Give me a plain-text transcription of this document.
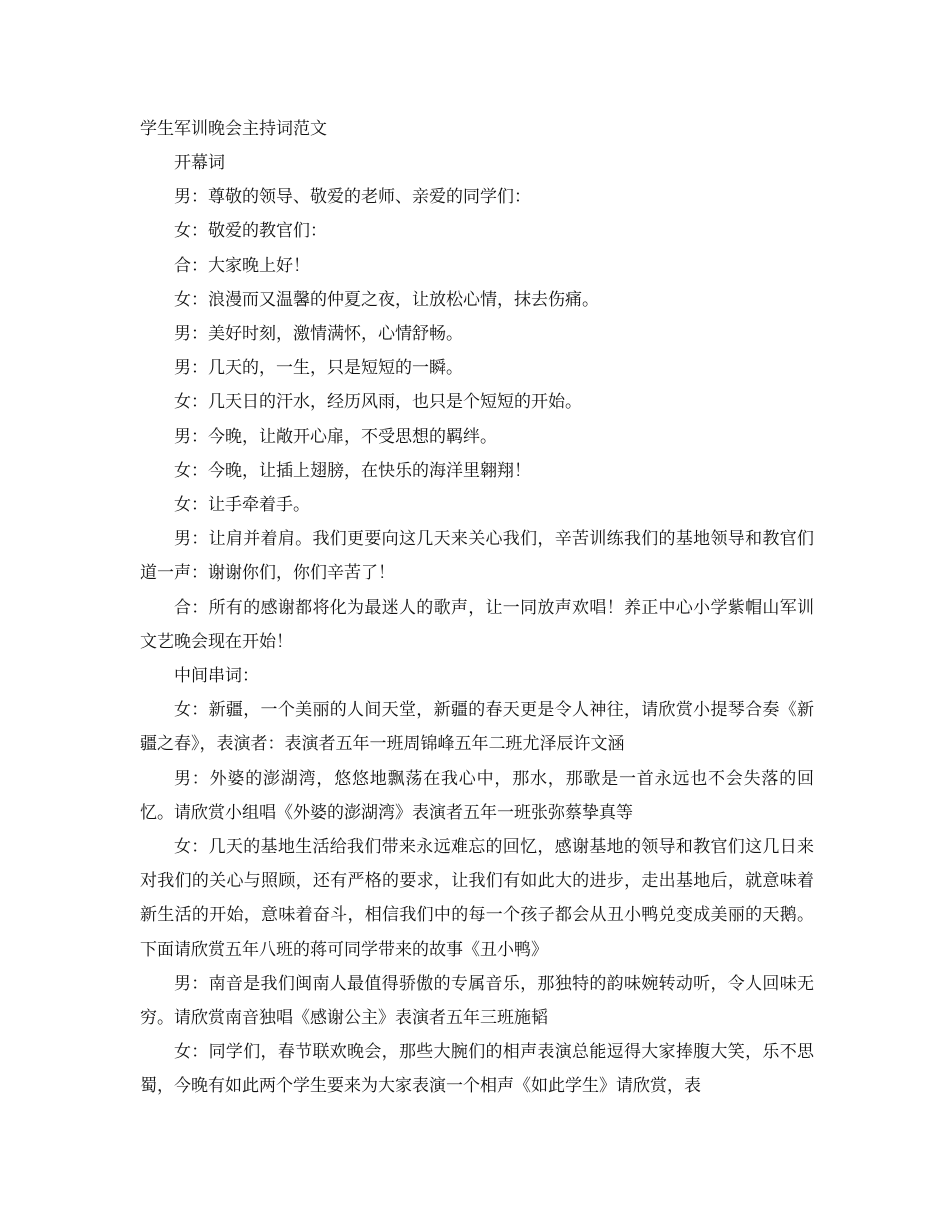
学生军训晚会主持词范文

开幕词

男：尊敬的领导、敬爱的老师、亲爱的同学们：

女：敬爱的教官们：

合：大家晚上好！

女：浪漫而又温馨的仲夏之夜，让放松心情，抹去伤痛。

男：美好时刻，激情满怀，心情舒畅。

男：几天的，一生，只是短短的一瞬。

女：几天日的汗水，经历风雨，也只是个短短的开始。

男：今晚，让敞开心扉，不受思想的羁绊。

女：今晚，让插上翅膀，在快乐的海洋里翱翔！

女：让手牵着手。

男：让肩并着肩。我们更要向这几天来关心我们，辛苦训练我们的基地领导和教官们道一声：谢谢你们，你们辛苦了！

合：所有的感谢都将化为最迷人的歌声，让一同放声欢唱！养正中心小学紫帽山军训文艺晚会现在开始！

中间串词：

女：新疆，一个美丽的人间天堂，新疆的春天更是令人神往，请欣赏小提琴合奏《新疆之春》，表演者：表演者五年一班周锦峰五年二班尤泽辰许文涵

男：外婆的澎湖湾，悠悠地飘荡在我心中，那水，那歌是一首永远也不会失落的回忆。请欣赏小组唱《外婆的澎湖湾》表演者五年一班张弥蔡挚真等

女：几天的基地生活给我们带来永远难忘的回忆，感谢基地的领导和教官们这几日来对我们的关心与照顾，还有严格的要求，让我们有如此大的进步，走出基地后，就意味着新生活的开始，意味着奋斗，相信我们中的每一个孩子都会从丑小鸭兑变成美丽的天鹅。下面请欣赏五年八班的蒋可同学带来的故事《丑小鸭》

男：南音是我们闽南人最值得骄傲的专属音乐，那独特的韵味婉转动听，令人回味无穷。请欣赏南音独唱《感谢公主》表演者五年三班施韬

女：同学们，春节联欢晚会，那些大腕们的相声表演总能逗得大家捧腹大笑，乐不思蜀，今晚有如此两个学生要来为大家表演一个相声《如此学生》请欣赏，表
